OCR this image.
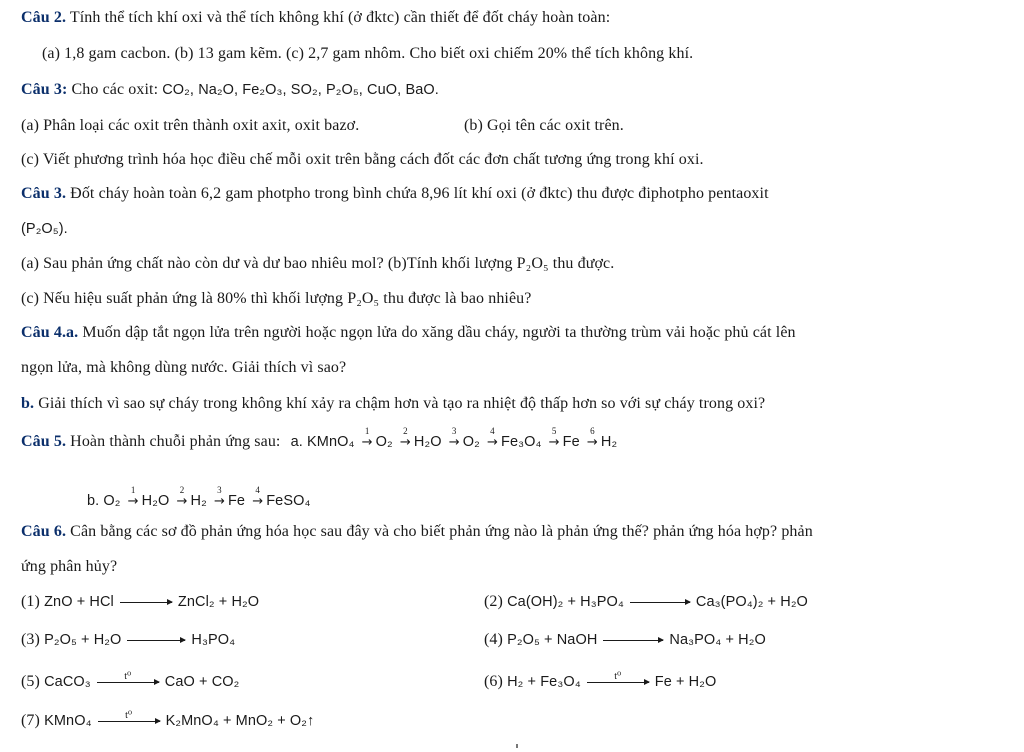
Câu 2. Tính thể tích khí oxi và thể tích không khí (ở đktc) cần thiết để đốt cháy hoàn toàn:
(a) 1,8 gam cacbon. (b) 13 gam kẽm. (c) 2,7 gam nhôm. Cho biết oxi chiếm 20% thể tích không khí.
Câu 3: Cho các oxit: CO₂, Na₂O, Fe₂O₃, SO₂, P₂O₅, CuO, BaO.
(a) Phân loại các oxit trên thành oxit axit, oxit bazơ.	(b) Gọi tên các oxit trên.
(c) Viết phương trình hóa học điều chế mỗi oxit trên bằng cách đốt các đơn chất tương ứng trong khí oxi.
Câu 3. Đốt cháy hoàn toàn 6,2 gam photpho trong bình chứa 8,96 lít khí oxi (ở đktc) thu được điphotpho pentaoxit
(P₂O₅).
(a) Sau phản ứng chất nào còn dư và dư bao nhiêu mol? (b)Tính khối lượng P₂O₅ thu được.
(c) Nếu hiệu suất phản ứng là 80% thì khối lượng P₂O₅ thu được là bao nhiêu?
Câu 4.a. Muốn dập tắt ngọn lửa trên người hoặc ngọn lửa do xăng dầu cháy, người ta thường trùm vải hoặc phủ cát lên
ngọn lửa, mà không dùng nước. Giải thích vì sao?
b. Giải thích vì sao sự cháy trong không khí xảy ra chậm hơn và tạo ra nhiệt độ thấp hơn so với sự cháy trong oxi?
Câu 5. Hoàn thành chuỗi phản ứng sau: a. KMnO₄
1
→ O₂
2
→ H₂O
3
→ O₂
4
→ Fe₃O₄
5
→ Fe
6
→ H₂
b. O₂
1
→ H₂O
2
→ H₂
3
→ Fe
4
→ FeSO₄
Câu 6. Cân bằng các sơ đồ phản ứng hóa học sau đây và cho biết phản ứng nào là phản ứng thế? phản ứng hóa hợp? phản
ứng phân hủy?
(1) ZnO + HCl → ZnCl₂ + H₂O	(2) Ca(OH)₂ + H₃PO₄ → Ca₃(PO₄)₂ + H₂O
(3) P₂O₅ + H₂O → H₃PO₄	(4) P₂O₅ + NaOH → Na₃PO₄ + H₂O
(5) CaCO₃	t⁰	CaO + CO₂	(6) H₂ + Fe₃O₄	t⁰	Fe + H₂O
(7) KMnO₄	t⁰	K₂MnO₄ + MnO₂ + O₂↑
